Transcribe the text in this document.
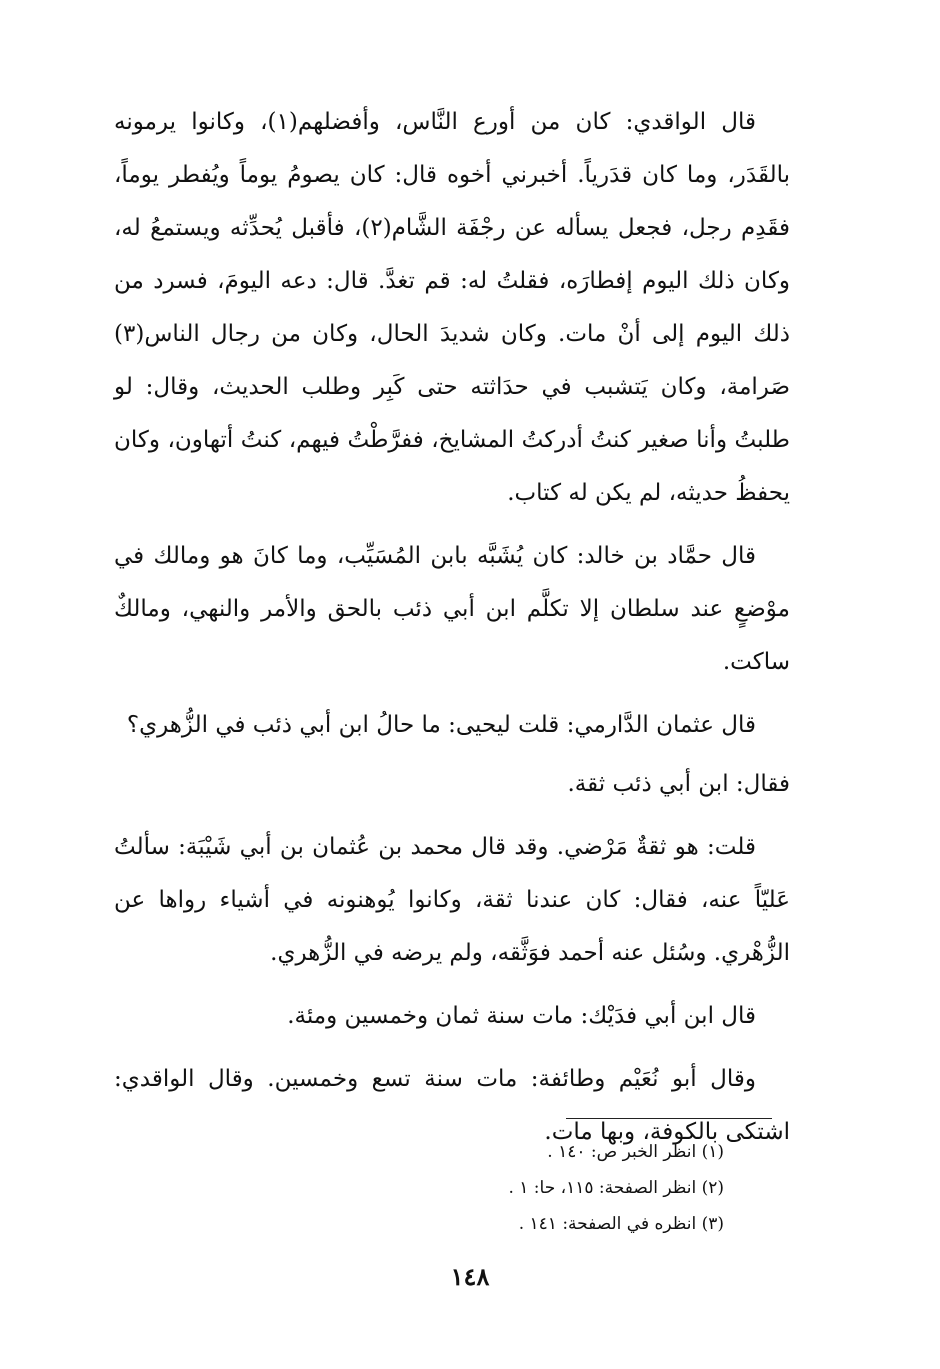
قال الواقدي: كان من أورع النَّاس، وأفضلهم(١)، وكانوا يرمونه بالقَدَر، وما كان قدَرياً. أخبرني أخوه قال: كان يصومُ يوماً ويُفطر يوماً، فقَدِم رجل، فجعل يسأله عن رجْفَة الشَّام(٢)، فأقبل يُحدِّثه ويستمعُ له، وكان ذلك اليوم إفطارَه، فقلتُ له: قم تغدَّ. قال: دعه اليومَ، فسرد من ذلك اليوم إلى أنْ مات. وكان شديدَ الحال، وكان من رجال الناس(٣) صَرامة، وكان يَتشبب في حدَاثته حتى كَبِر وطلب الحديث، وقال: لو طلبتُ وأنا صغير كنتُ أدركتُ المشايخ، ففرَّطْتُ فيهم، كنتُ أتهاون، وكان يحفظُ حديثه، لم يكن له كتاب.

قال حمَّاد بن خالد: كان يُشَبَّه بابن المُسَيِّب، وما كانَ هو ومالك في موْضعٍ عند سلطان إلا تكلَّم ابن أبي ذئب بالحق والأمر والنهي، ومالكٌ ساكت.

قال عثمان الدَّارمي: قلت ليحيى: ما حالُ ابن أبي ذئب في الزُّهري؟

فقال: ابن أبي ذئب ثقة.

قلت: هو ثقةٌ مَرْضي. وقد قال محمد بن عُثمان بن أبي شَيْبَة: سألتُ عَليّاً عنه، فقال: كان عندنا ثقة، وكانوا يُوهنونه في أشياء رواها عن الزُّهْري. وسُئل عنه أحمد فوَثَّقه، ولم يرضه في الزُّهري.

قال ابن أبي فدَيْك: مات سنة ثمان وخمسين ومئة.

وقال أبو نُعَيْم وطائفة: مات سنة تسع وخمسين. وقال الواقدي: اشتكى بالكوفة، وبها مات.

(١) انظر الخبر ص: ١٤٠ .
(٢) انظر الصفحة: ١١٥، حا: ١ .
(٣) انظره في الصفحة: ١٤١ .
١٤٨
